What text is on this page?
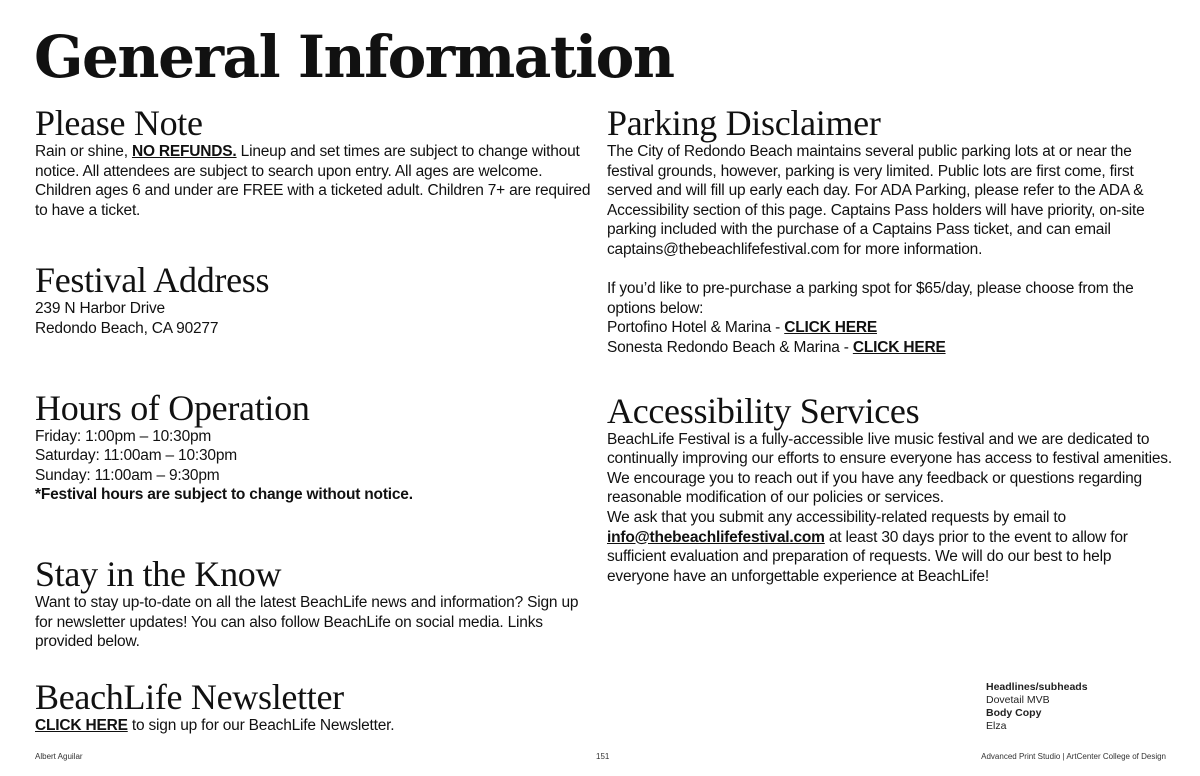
General Information
Please Note

Rain or shine, NO REFUNDS. Lineup and set times are subject to change without notice. All attendees are subject to search upon entry. All ages are welcome. Children ages 6 and under are FREE with a ticketed adult. Children 7+ are required to have a ticket.

Festival Address

239 N Harbor Drive

Redondo Beach, CA 90277

Hours of Operation

Friday: 1:00pm – 10:30pm

Saturday: 11:00am – 10:30pm

Sunday: 11:00am – 9:30pm

*Festival hours are subject to change without notice.

Stay in the Know

Want to stay up-to-date on all the latest BeachLife news and information? Sign up for newsletter updates! You can also follow BeachLife on social media. Links provided below.

BeachLife Newsletter

CLICK HERE to sign up for our BeachLife Newsletter.

Parking Disclaimer

The City of Redondo Beach maintains several public parking lots at or near the festival grounds, however, parking is very limited. Public lots are first come, first served and will fill up early each day. For ADA Parking, please refer to the ADA & Accessibility section of this page. Captains Pass holders will have priority, on-site parking included with the purchase of a Captains Pass ticket, and can email captains@thebeachlifefestival.com for more information.

If you’d like to pre-purchase a parking spot for $65/day, please choose from the options below:

Portofino Hotel & Marina - CLICK HERE

Sonesta Redondo Beach & Marina - CLICK HERE

Accessibility Services

BeachLife Festival is a fully-accessible live music festival and we are dedicated to continually improving our efforts to ensure everyone has access to festival amenities. We encourage you to reach out if you have any feedback or questions regarding reasonable modification of our policies or services.

We ask that you submit any accessibility-related requests by email to info@thebeachlifefestival.com at least 30 days prior to the event to allow for sufficient evaluation and preparation of requests. We will do our best to help everyone have an unforgettable experience at BeachLife!

Headlines/subheads
Dovetail MVB
Body Copy
Elza
Albert Aguilar	151	Advanced Print Studio | ArtCenter College of Design
